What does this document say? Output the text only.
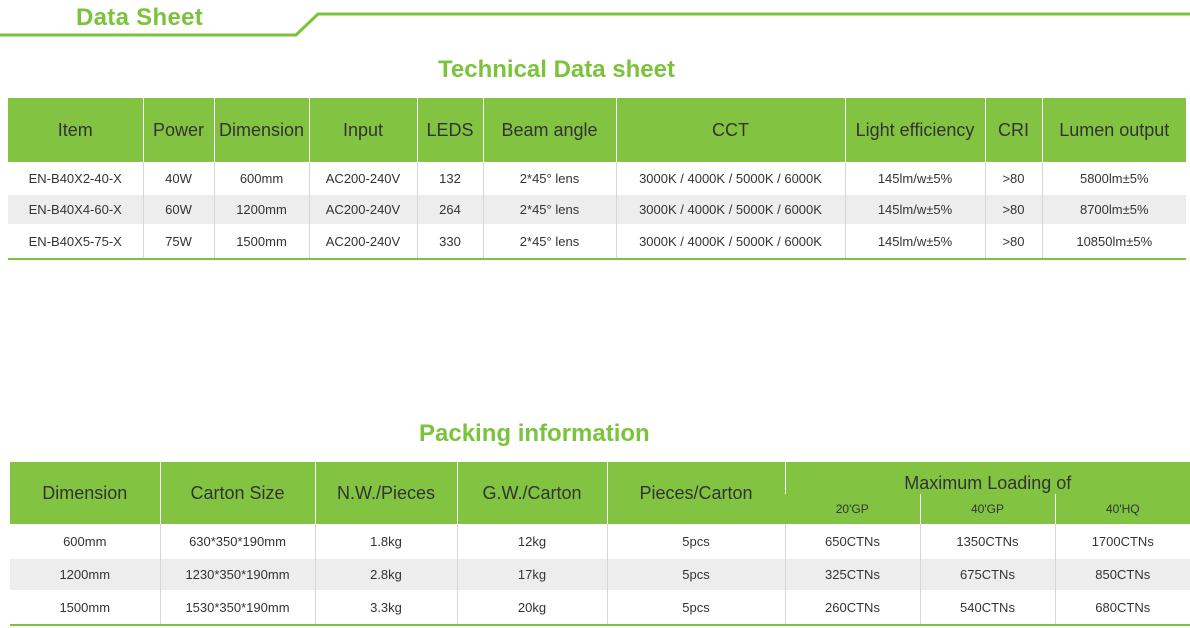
Data Sheet
Technical Data sheet
Item	Power	Dimension	Input	LEDS	Beam angle	CCT	Light efficiency	CRI	Lumen output
EN-B40X2-40-X	40W	600mm	AC200-240V	132	2*45° lens	3000K / 4000K / 5000K / 6000K	145lm/w±5%	>80	5800lm±5%
EN-B40X4-60-X	60W	1200mm	AC200-240V	264	2*45° lens	3000K / 4000K / 5000K / 6000K	145lm/w±5%	>80	8700lm±5%
EN-B40X5-75-X	75W	1500mm	AC200-240V	330	2*45° lens	3000K / 4000K / 5000K / 6000K	145lm/w±5%	>80	10850lm±5%
Packing information
Dimension	Carton Size	N.W./Pieces	G.W./Carton	Pieces/Carton	Maximum Loading of		
					20'GP	40'GP	40'HQ
600mm	630*350*190mm	1.8kg	12kg	5pcs	650CTNs	1350CTNs	1700CTNs
1200mm	1230*350*190mm	2.8kg	17kg	5pcs	325CTNs	675CTNs	850CTNs
1500mm	1530*350*190mm	3.3kg	20kg	5pcs	260CTNs	540CTNs	680CTNs
